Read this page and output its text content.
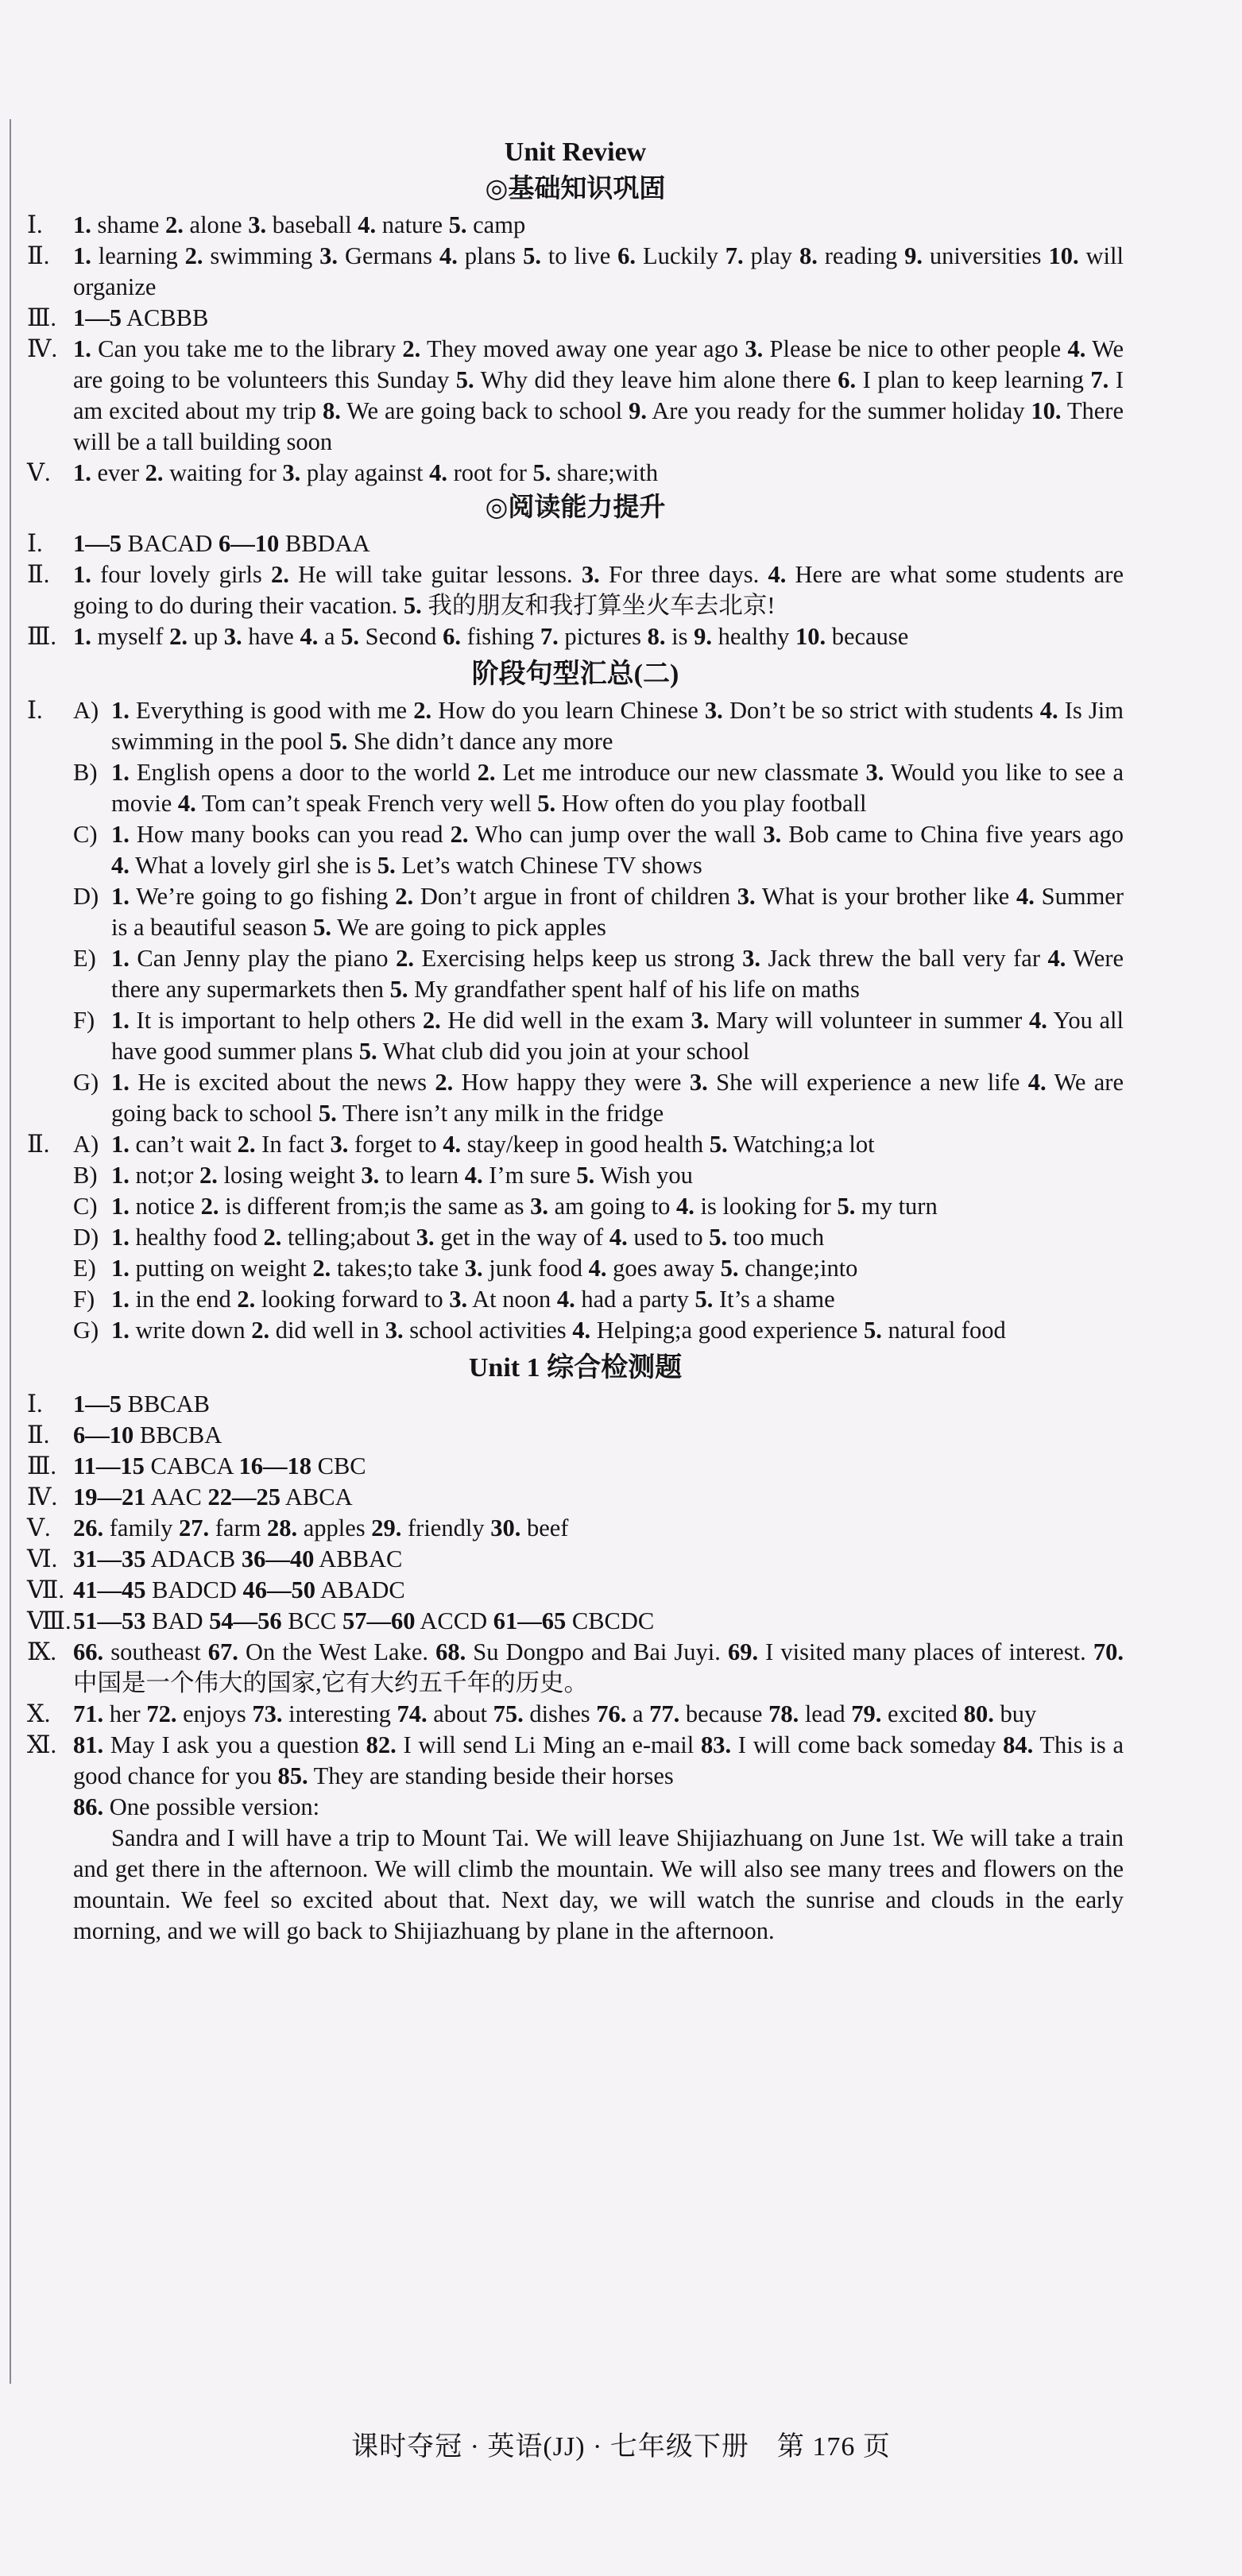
Unit Review
◎基础知识巩固
Ⅰ.	1. shame 2. alone 3. baseball 4. nature 5. camp
Ⅱ. 1. learning 2. swimming 3. Germans 4. plans 5. to live 6. Luckily 7. play 8. reading 9. universities 10. will organize
Ⅲ. 1—5 ACBBB
Ⅳ. 1. Can you take me to the library 2. They moved away one year ago 3. Please be nice to other people 4. We are going to be volunteers this Sunday 5. Why did they leave him alone there 6. I plan to keep learning 7. I am excited about my trip 8. We are going back to school 9. Are you ready for the summer holiday 10. There will be a tall building soon
Ⅴ. 1. ever 2. waiting for 3. play against 4. root for 5. share;with
◎阅读能力提升
Ⅰ.	1—5 BACAD 6—10 BBDAA
Ⅱ. 1. four lovely girls 2. He will take guitar lessons. 3. For three days. 4. Here are what some students are going to do during their vacation. 5. 我的朋友和我打算坐火车去北京!
Ⅲ. 1. myself 2. up 3. have 4. a 5. Second 6. fishing 7. pictures 8. is 9. healthy 10. because
阶段句型汇总(二)
Ⅰ.	A) 1. Everything is good with me 2. How do you learn Chinese 3. Don’t be so strict with students 4. Is Jim swimming in the pool 5. She didn’t dance any more
B) 1. English opens a door to the world 2. Let me introduce our new classmate 3. Would you like to see a movie 4. Tom can’t speak French very well 5. How often do you play football
C) 1. How many books can you read 2. Who can jump over the wall 3. Bob came to China five years ago 4. What a lovely girl she is 5. Let’s watch Chinese TV shows
D) 1. We’re going to go fishing 2. Don’t argue in front of children 3. What is your brother like 4. Summer is a beautiful season 5. We are going to pick apples
E) 1. Can Jenny play the piano 2. Exercising helps keep us strong 3. Jack threw the ball very far 4. Were there any supermarkets then 5. My grandfather spent half of his life on maths
F) 1. It is important to help others 2. He did well in the exam 3. Mary will volunteer in summer 4. You all have good summer plans 5. What club did you join at your school
G) 1. He is excited about the news 2. How happy they were 3. She will experience a new life 4. We are going back to school 5. There isn’t any milk in the fridge
Ⅱ. A) 1. can’t wait 2. In fact 3. forget to 4. stay/keep in good health 5. Watching;a lot
B) 1. not;or 2. losing weight 3. to learn 4. I’m sure 5. Wish you
C) 1. notice 2. is different from;is the same as 3. am going to 4. is looking for 5. my turn
D) 1. healthy food 2. telling;about 3. get in the way of 4. used to 5. too much
E) 1. putting on weight 2. takes;to take 3. junk food 4. goes away 5. change;into
F) 1. in the end 2. looking forward to 3. At noon 4. had a party 5. It’s a shame
G) 1. write down 2. did well in 3. school activities 4. Helping;a good experience 5. natural food
Unit 1 综合检测题
Ⅰ.	1—5 BBCAB
Ⅱ. 6—10 BBCBA
Ⅲ. 11—15 CABCA 16—18 CBC
Ⅳ. 19—21 AAC 22—25 ABCA
Ⅴ. 26. family 27. farm 28. apples 29. friendly 30. beef
Ⅵ. 31—35 ADACB 36—40 ABBAC
Ⅶ. 41—45 BADCD 46—50 ABADC
Ⅷ. 51—53 BAD 54—56 BCC 57—60 ACCD 61—65 CBCDC
Ⅸ. 66. southeast 67. On the West Lake. 68. Su Dongpo and Bai Juyi. 69. I visited many places of interest. 70. 中国是一个伟大的国家,它有大约五千年的历史。
Ⅹ. 71. her 72. enjoys 73. interesting 74. about 75. dishes 76. a 77. because 78. lead 79. excited 80. buy
Ⅺ. 81. May I ask you a question 82. I will send Li Ming an e-mail 83. I will come back someday 84. This is a good chance for you 85. They are standing beside their horses

86. One possible version:

Sandra and I will have a trip to Mount Tai. We will leave Shijiazhuang on June 1st. We will take a train and get there in the afternoon. We will climb the mountain. We will also see many trees and flowers on the mountain. We feel so excited about that. Next day, we will watch the sunrise and clouds in the early morning, and we will go back to Shijiazhuang by plane in the afternoon.

课时夺冠 · 英语(JJ) · 七年级下册　第 176 页
